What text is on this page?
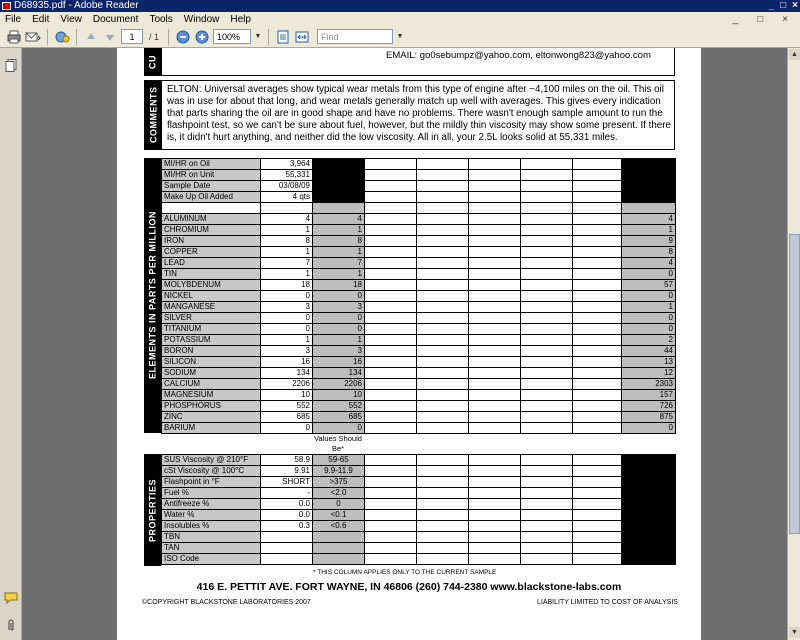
D68935.pdf - Adobe Reader	_ □ ×
File	Edit	View	Document	Tools	Window	Help	_	□	×
1	/ 1	100% ▼	Find	▼
▲
▼
CU	EMAIL: go0sebumpz@yahoo.com, eltonwong823@yahoo.com
COMMENTS ELTON: Universal averages show typical wear metals from this type of engine after ~4,100 miles on the oil. This oil was in use for about that long, and wear metals generally match up well with averages. This gives every indication that parts sharing the oil are in good shape and have no problems. There wasn't enough sample amount to run the flashpoint test, so we can't be sure about fuel, however, but the mildly thin viscosity may show some present. If there is, it didn't hurt anything, and neither did the low viscosity. All in all, your 2.5L looks solid at 55,331 miles.
ELEMENTS IN PARTS PER MILLION
MI/HR on Oil	3,964							
MI/HR on Unit	55,331							
Sample Date	03/08/09							
Make Up Oil Added	4 qts							

ALUMINUM	4	4						4
CHROMIUM	1	1						1
IRON	8	8						9
COPPER	1	1						8
LEAD	7	7						4
TIN	1	1						0
MOLYBDENUM	18	18						57
NICKEL	0	0						0
MANGANESE	3	3						1
SILVER	0	0						0
TITANIUM	0	0						0
POTASSIUM	1	1						2
BORON	3	3						44
SILICON	16	16						13
SODIUM	134	134						12
CALCIUM	2206	2206						2303
MAGNESIUM	10	10						157
PHOSPHORUS	552	552						726
ZINC	685	685						875
BARIUM	0	0						0
Values Should Be*
PROPERTIES
SUS Viscosity @ 210°F	58.9	59-65						
cSt Viscosity @ 100°C	9.91	9.9-11.9						
Flashpoint in °F	SHORT	>375						
Fuel %	-	<2.0						
Antifreeze %	0.0	0						
Water %	0.0	<0.1						
Insolubles %	0.3	<0.6						
TBN								
TAN								
ISO Code								
* THIS COLUMN APPLIES ONLY TO THE CURRENT SAMPLE
416 E. PETTIT AVE. FORT WAYNE, IN 46806 (260) 744-2380 www.blackstone-labs.com
©COPYRIGHT BLACKSTONE LABORATORIES 2007	LIABILITY LIMITED TO COST OF ANALYSIS
